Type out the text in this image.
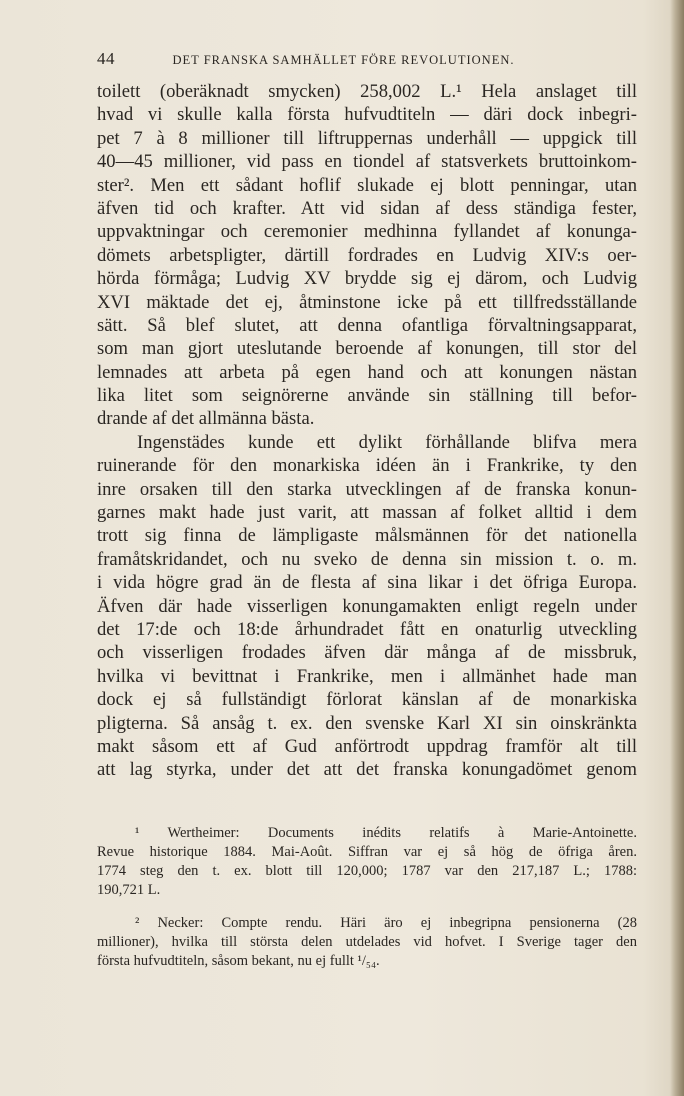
44	DET FRANSKA SAMHÄLLET FÖRE REVOLUTIONEN.
toilett (oberäknadt smycken) 258,002 L.¹ Hela anslaget till
hvad vi skulle kalla första hufvudtiteln — däri dock inbegri-
pet 7 à 8 millioner till liftruppernas underhåll — uppgick till
40—45 millioner, vid pass en tiondel af statsverkets bruttoinkom-
ster². Men ett sådant hoflif slukade ej blott penningar, utan
äfven tid och krafter. Att vid sidan af dess ständiga fester,
uppvaktningar och ceremonier medhinna fyllandet af konunga-
dömets arbetspligter, därtill fordrades en Ludvig XIV:s oer-
hörda förmåga; Ludvig XV brydde sig ej därom, och Ludvig
XVI mäktade det ej, åtminstone icke på ett tillfredsställande
sätt. Så blef slutet, att denna ofantliga förvaltningsapparat,
som man gjort uteslutande beroende af konungen, till stor del
lemnades att arbeta på egen hand och att konungen nästan
lika litet som seignörerne använde sin ställning till befor-
drande af det allmänna bästa.
Ingenstädes kunde ett dylikt förhållande blifva mera
ruinerande för den monarkiska idéen än i Frankrike, ty den
inre orsaken till den starka utvecklingen af de franska konun-
garnes makt hade just varit, att massan af folket alltid i dem
trott sig finna de lämpligaste målsmännen för det nationella
framåtskridandet, och nu sveko de denna sin mission t. o. m.
i vida högre grad än de flesta af sina likar i det öfriga Europa.
Äfven där hade visserligen konungamakten enligt regeln under
det 17:de och 18:de århundradet fått en onaturlig utveckling
och visserligen frodades äfven där många af de missbruk,
hvilka vi bevittnat i Frankrike, men i allmänhet hade man
dock ej så fullständigt förlorat känslan af de monarkiska
pligterna. Så ansåg t. ex. den svenske Karl XI sin oinskränkta
makt såsom ett af Gud anförtrodt uppdrag framför alt till
att lag styrka, under det att det franska konungadömet genom
¹ Wertheimer: Documents inédits relatifs à Marie-Antoinette.
Revue historique 1884. Mai-Août. Siffran var ej så hög de öfriga åren.
1774 steg den t. ex. blott till 120,000; 1787 var den 217,187 L.; 1788:
190,721 L.
² Necker: Compte rendu. Häri äro ej inbegripna pensionerna (28
millioner), hvilka till största delen utdelades vid hofvet. I Sverige tager den
första hufvudtiteln, såsom bekant, nu ej fullt ¹/₅₄.
